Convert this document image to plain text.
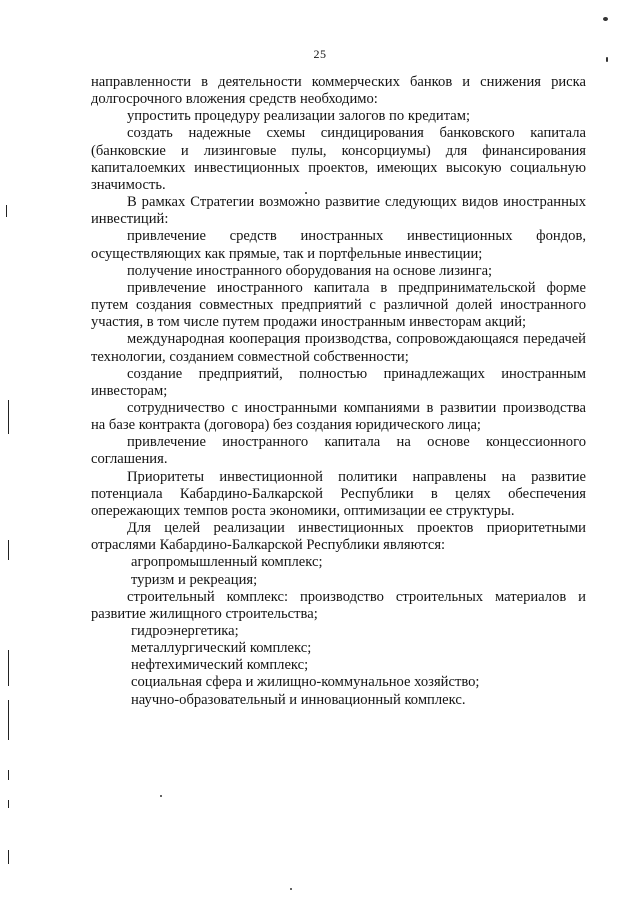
25

направленности в деятельности коммерческих банков и снижения риска долгосрочного вложения средств необходимо:

упростить процедуру реализации залогов по кредитам;

создать надежные схемы синдицирования банковского капитала (банковские и лизинговые пулы, консорциумы) для финансирования капиталоемких инвестиционных проектов, имеющих высокую социальную значимость.

В рамках Стратегии возможно развитие следующих видов иностранных инвестиций:

привлечение средств иностранных инвестиционных фондов, осуществляющих как прямые, так и портфельные инвестиции;

получение иностранного оборудования на основе лизинга;

привлечение иностранного капитала в предпринимательской форме путем создания совместных предприятий с различной долей иностранного участия, в том числе путем продажи иностранным инвесторам акций;

международная кооперация производства, сопровождающаяся передачей технологии, созданием совместной собственности;

создание предприятий, полностью принадлежащих иностранным инвесторам;

сотрудничество с иностранными компаниями в развитии производства на базе контракта (договора) без создания юридического лица;

привлечение иностранного капитала на основе концессионного соглашения.

Приоритеты инвестиционной политики направлены на развитие потенциала Кабардино-Балкарской Республики в целях обеспечения опережающих темпов роста экономики, оптимизации ее структуры.

Для целей реализации инвестиционных проектов приоритетными отраслями Кабардино-Балкарской Республики являются:

агропромышленный комплекс;

туризм и рекреация;

строительный комплекс: производство строительных материалов и развитие жилищного строительства;

гидроэнергетика;

металлургический комплекс;

нефтехимический комплекс;

социальная сфера и жилищно-коммунальное хозяйство;

научно-образовательный и инновационный комплекс.
